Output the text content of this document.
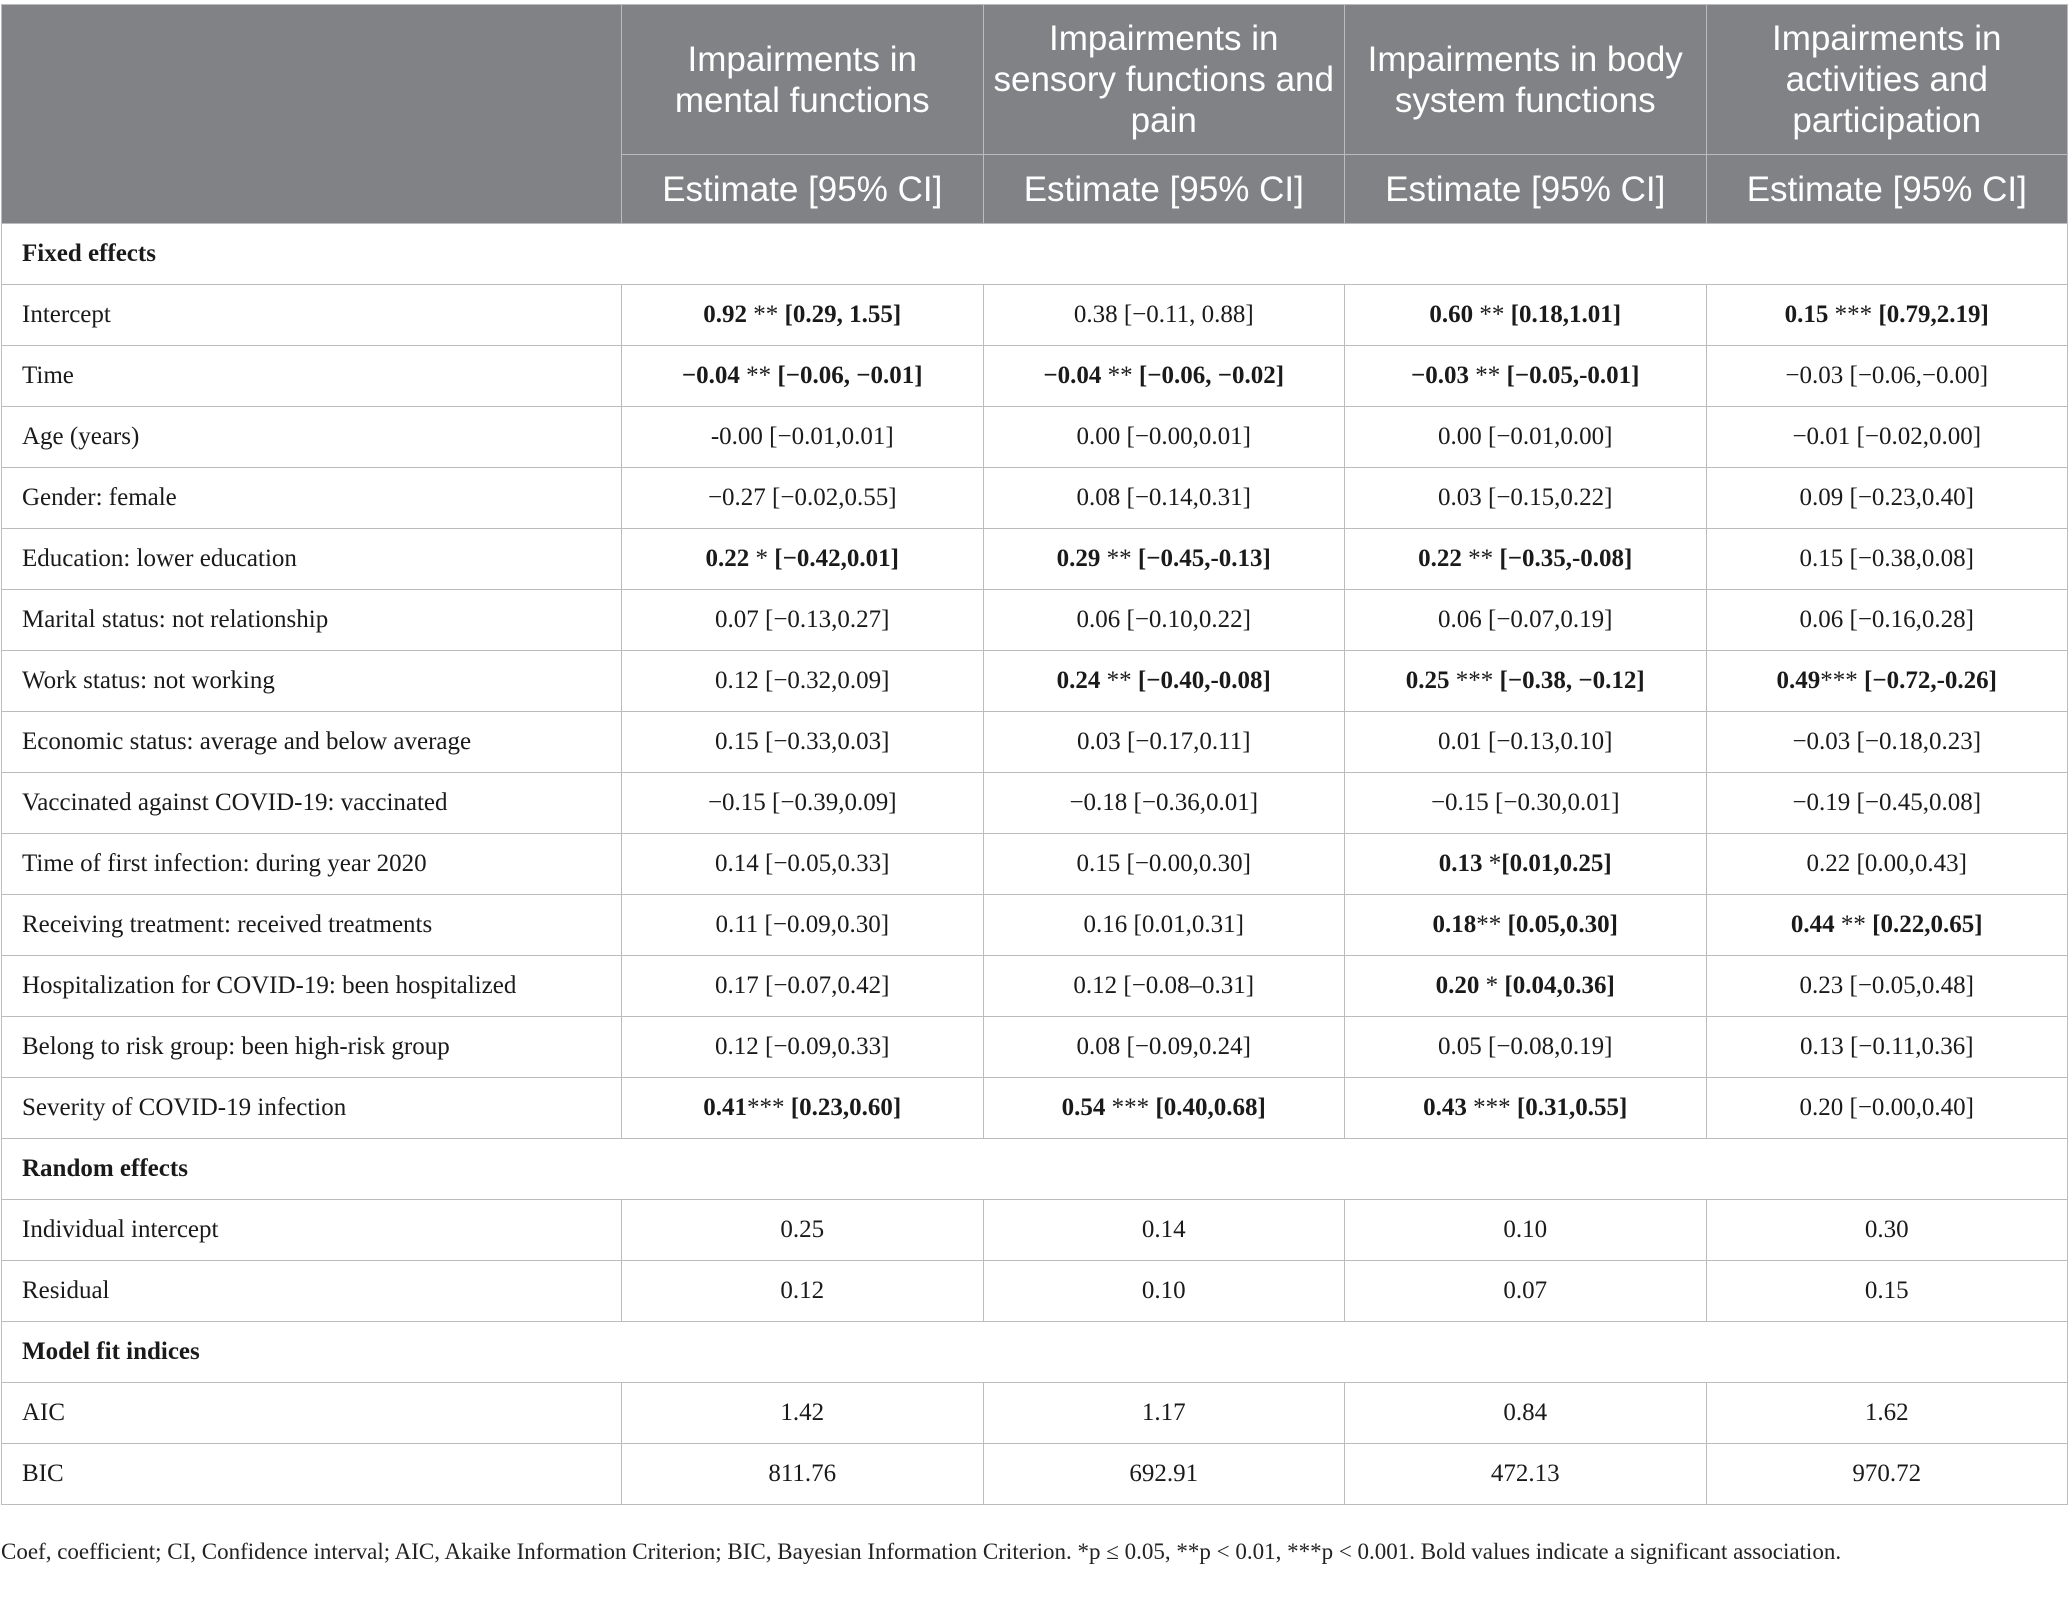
	Impairments in mental functions	Impairments in sensory functions and pain	Impairments in body system functions	Impairments in activities and participation
	Estimate [95% CI]	Estimate [95% CI]	Estimate [95% CI]	Estimate [95% CI]
Fixed effects				
Intercept	0.92 ** [0.29, 1.55]	0.38 [−0.11, 0.88]	0.60 ** [0.18,1.01]	0.15 *** [0.79,2.19]
Time	−0.04 ** [−0.06, −0.01]	−0.04 ** [−0.06, −0.02]	−0.03 ** [−0.05,-0.01]	−0.03 [−0.06,−0.00]
Age (years)	-0.00 [−0.01,0.01]	0.00 [−0.00,0.01]	0.00 [−0.01,0.00]	−0.01 [−0.02,0.00]
Gender: female	−0.27 [−0.02,0.55]	0.08 [−0.14,0.31]	0.03 [−0.15,0.22]	0.09 [−0.23,0.40]
Education: lower education	0.22 * [−0.42,0.01]	0.29 ** [−0.45,-0.13]	0.22 ** [−0.35,-0.08]	0.15 [−0.38,0.08]
Marital status: not relationship	0.07 [−0.13,0.27]	0.06 [−0.10,0.22]	0.06 [−0.07,0.19]	0.06 [−0.16,0.28]
Work status: not working	0.12 [−0.32,0.09]	0.24 ** [−0.40,-0.08]	0.25 *** [−0.38, −0.12]	0.49*** [−0.72,-0.26]
Economic status: average and below average	0.15 [−0.33,0.03]	0.03 [−0.17,0.11]	0.01 [−0.13,0.10]	−0.03 [−0.18,0.23]
Vaccinated against COVID-19: vaccinated	−0.15 [−0.39,0.09]	−0.18 [−0.36,0.01]	−0.15 [−0.30,0.01]	−0.19 [−0.45,0.08]
Time of first infection: during year 2020	0.14 [−0.05,0.33]	0.15 [−0.00,0.30]	0.13 *[0.01,0.25]	0.22 [0.00,0.43]
Receiving treatment: received treatments	0.11 [−0.09,0.30]	0.16 [0.01,0.31]	0.18** [0.05,0.30]	0.44 ** [0.22,0.65]
Hospitalization for COVID-19: been hospitalized	0.17 [−0.07,0.42]	0.12 [−0.08–0.31]	0.20 * [0.04,0.36]	0.23 [−0.05,0.48]
Belong to risk group: been high-risk group	0.12 [−0.09,0.33]	0.08 [−0.09,0.24]	0.05 [−0.08,0.19]	0.13 [−0.11,0.36]
Severity of COVID-19 infection	0.41*** [0.23,0.60]	0.54 *** [0.40,0.68]	0.43 *** [0.31,0.55]	0.20 [−0.00,0.40]
Random effects				
Individual intercept	0.25	0.14	0.10	0.30
Residual	0.12	0.10	0.07	0.15
Model fit indices				
AIC	1.42	1.17	0.84	1.62
BIC	811.76	692.91	472.13	970.72
Coef, coefficient; CI, Confidence interval; AIC, Akaike Information Criterion; BIC, Bayesian Information Criterion. *p ≤ 0.05, **p < 0.01, ***p < 0.001. Bold values indicate a significant association.
